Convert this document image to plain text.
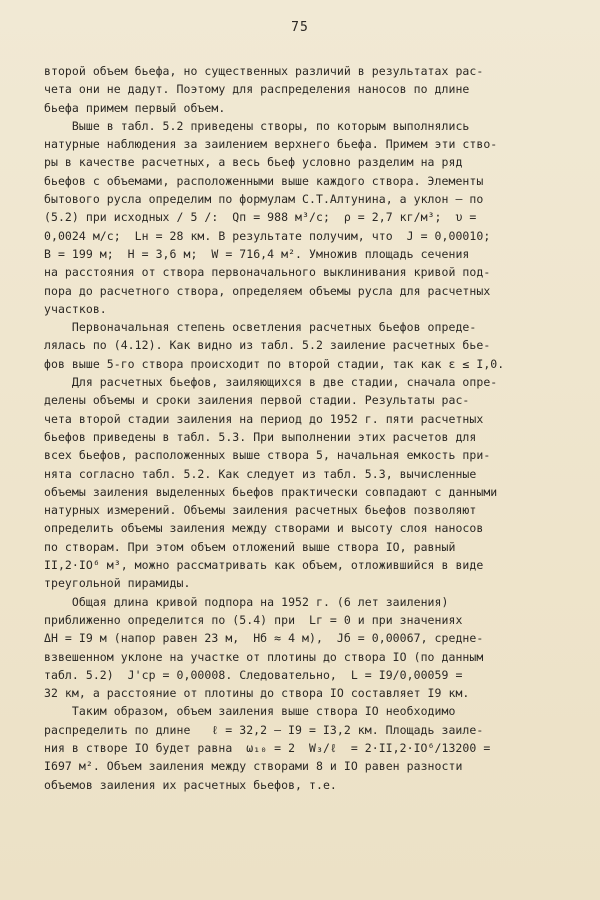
75
второй объем бьефа, но существенных различий в результатах рас-
чета они не дадут. Поэтому для распределения наносов по длине
бьефа примем первый объем.
Выше в табл. 5.2 приведены створы, по которым выполнялись
натурные наблюдения за заилением верхнего бьефа. Примем эти ство-
ры в качестве расчетных, а весь бьеф условно разделим на ряд
бьефов с объемами, расположенными выше каждого створа. Элементы
бытового русла определим по формулам С.Т.Алтунина, а уклон – по
(5.2) при исходных / 5 /:  Qп = 988 м³/с;  ρ = 2,7 кг/м³;  υ =
0,0024 м/с;  Lн = 28 км. В результате получим, что  J = 0,00010;
B = 199 м;  H = 3,6 м;  W = 716,4 м². Умножив площадь сечения
на расстояния от створа первоначального выклинивания кривой под-
пора до расчетного створа, определяем объемы русла для расчетных
участков.
Первоначальная степень осветления расчетных бьефов опреде-
лялась по (4.12). Как видно из табл. 5.2 заиление расчетных бье-
фов выше 5-го створа происходит по второй стадии, так как ε ≤ I,0.
Для расчетных бьефов, заиляющихся в две стадии, сначала опре-
делены объемы и сроки заиления первой стадии. Результаты рас-
чета второй стадии заиления на период до 1952 г. пяти расчетных
бьефов приведены в табл. 5.3. При выполнении этих расчетов для
всех бьефов, расположенных выше створа 5, начальная емкость при-
нята согласно табл. 5.2. Как следует из табл. 5.3, вычисленные
объемы заиления выделенных бьефов практически совпадают с данными
натурных измерений. Объемы заиления расчетных бьефов позволяют
определить объемы заиления между створами и высоту слоя наносов
по створам. При этом объем отложений выше створа IO, равный
II,2·IO⁶ м³, можно рассматривать как объем, отложившийся в виде
треугольной пирамиды.
Общая длина кривой подпора на 1952 г. (6 лет заиления)
приближенно определится по (5.4) при  Lг = 0 и при значениях
ΔH = I9 м (напор равен 23 м,  Hб ≈ 4 м),  Jб = 0,00067, средне-
взвешенном уклоне на участке от плотины до створа IO (по данным
табл. 5.2)  J'ср = 0,00008. Следовательно,  L = I9/0,00059 =
32 км, а расстояние от плотины до створа IO составляет I9 км.
Таким образом, объем заиления выше створа IO необходимо
распределить по длине   ℓ = 32,2 – I9 = I3,2 км. Площадь заиле-
ния в створе IO будет равна  ω₁₀ = 2  W₃/ℓ  = 2·II,2·IO⁶/13200 =
I697 м². Объем заиления между створами 8 и IO равен разности
объемов заиления их расчетных бьефов, т.е.
